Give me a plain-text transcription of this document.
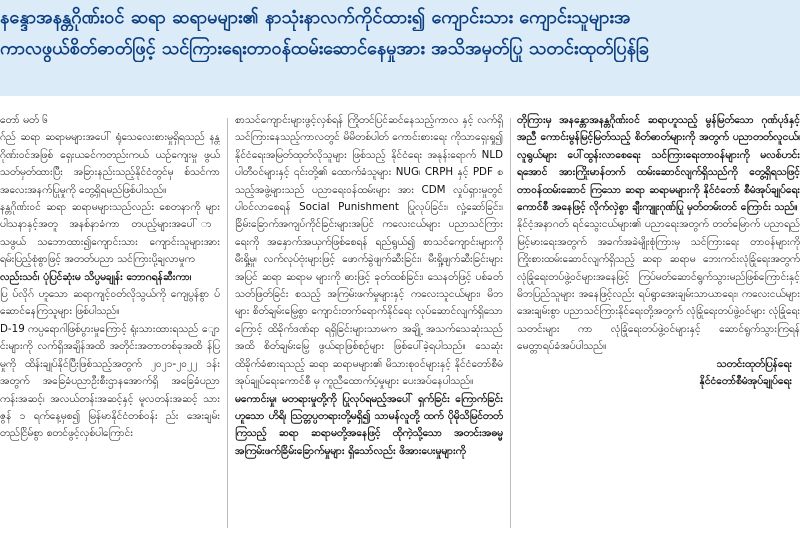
နန္ဒောအနန္တဂိုဏ်းဝင် ဆရာ ဆရာမများ၏ နာသုံးနာလက်ကိုင်ထား၍ ကျောင်းသား ကျောင်းသူများအ
ကာလဖွယ်စိတ်ဓာတ်ဖြင့် သင်ကြားရေးတာဝန်ထမ်းဆောင်နေမှုအား အသိအမှတ်ပြု သတင်းထုတ်ပြန်ခြ

တော် မတ် ၆

ဂ်ည် ဆရာ ဆရာမများအပေါ် ရုံသေလေးစားမှုရှိရသည် နန္တဂိုဏ်းဝင်အဖြစ် ရှေးယခင်ကတည်းကယ် ယဉ်ကျေးမှု ဖွယ် သတ်မှတ်ထားပြီး အခြားနည်းသည့်နိုင်ငံတွင်မှ စ်သင်ကာ အလေးအနက်ပြုမှုကို တွေ့ရှိရမည်ဖြစ်ပါသည်။

နန္တဂိုဏ်းဝင် ဆရာ ဆရာမများသည်လည်း စေတနာကို များ ပါသနာနှင့်အတူ အနစ်နာခံကာ တပည့်များအပေါ် ာသဖွယ် သဘောထား၍ကျောင်းသား ကျောင်းသူများအား ရမ်းပြည့်စုံစွာဖြင့် အတတ်ပညာ သင်ကြားပို့ချလာမှုက

လည်းသင်၊ ပုံပြင်ဆုံးမ သိပ္ပမချုန်း ဘောဂရန်ဆီးကာ၊

ပြ ပ်လိုဂ် ဟူသော ဆရာကျင့်ဝတ်လိုသွယ်ကို ကျေပွန်စွာ ပ်ဆောင်နေကြသူများ ဖြစ်ပါသည်။

D-19 ကပ္ပရောဂါဖြစ်ပွားမှုကြောင့် ရုံးသားထားရသည် ျောင်းများကို လက်ရှိအချိန်အထိ အတိုင်းအတာတစ်ခုအထိ န်ပြမှုကို ထိန်းချုပ်နိုင်ပြီးဖြစ်သည့်အတွက် ၂၀၂၁-၂၀၂၂ ၁န်းအတွက် အခြေခံပညာဦးစီးဌာနအောက်ရှိ အခြေခံပညာ ကန်းအဆင့်၊ အလယ်တန်းအဆင့်နှင့် မူလတန်းအဆင့် သား ဇွန် ၁ ရက်နေ့မှစ၍ မြန်မာနိုင်ငံတစ်ဝန်း ည်း အေးချမ်းတည်ငြိမ်စွာ စတင်ဖွင့်လှစ်ပါကြောင်း

စာသင်ကျောင်းများဖွင့်လှစ်ရန် ကြိုတင်ပြင်ဆင်နေသည့်ကာလ နှင့် လက်ရှိသင်ကြားနေသည့်ကာလတွင် မိမိတစ်ပါတ် ကောင်းစားရေး ကိုသာရှေးရှု၍ နိုင်ငံရေးအမြတ်ထုတ်လိုသူများ ဖြစ်သည့် နိုင်ငံရေး အနုန်းရောက် NLD ပါတီဝင်များနှင့် ၎င်းတို့၏ ထောက်ခံသူများ NUG၊ CRPH နှင့် PDF စသည့်အဖွဲ့များသည် ပညာရေးဝန်ထမ်းများ အား CDM လှုပ်ရှားမှုတွင် ပါဝင်လာစေရန် Social Punishment ပြုလုပ်ခြင်း၊ လှုံ့ဆော်ခြင်း၊ ခြိမ်းခြောက်အကျပ်ကိုင်ခြင်းများအပြင် ကလေးငယ်များ ပညာသင်ကြားရေးကို အနှောက်အယှက်ဖြစ်စေရန် ရည်ရွယ်၍ စာသင်ကျောင်းများကို မီးရှို့မှု၊ လက်လုပ်ဗုံးများဖြင့် ဖောက်ခွဲဖျက်ဆီးခြင်း၊ မီးရှို့ဖျက်ဆီးခြင်းများအပြင် ဆရာ ဆရာမ များကို ဓားဖြင့် ခုတ်ထစ်ခြင်း၊ သေနတ်ဖြင့် ပစ်ခတ်သတ်ဖြတ်ခြင်း စသည့် အကြမ်းဖက်မှုများနှင့် ကလေးသူငယ်များ၊ မိဘများ စိတ်ချမ်းမြေ့စွာ ကျောင်းတက်ရောက်နိုင်ရေး လုပ်ဆောင်လျက်ရှိသော ကြောင့် ထိခိုက်ဒဏ်ရာ ရရှိခြင်းများသာမက အချို့ အသက်သေဆုံးသည်အထိ စိတ်ချမ်းမြေ့ ဖွယ်ရာဖြစ်စဉ်များ ဖြစ်ပေါ်ခဲ့ရပါသည်။ သေဆုံးထိခိုက်ခံစားရသည့် ဆရာ ဆရာမများ၏ မိသားစုဝင်များနှင့် နိုင်ငံတော်စီမံအုပ်ချုပ်ရေးကောင်စီ မှ ကူညီထောက်ပံ့မှုများ ပေးအပ်နေပါသည်။

မကောင်းမှု၊ မတရားမှုတို့ကို ပြုလုပ်ရမည့်အပေါ် ရှက်ခြင်း ကြောက်ခြင်းဟူသော ဟိရိ၊ ဩတ္တပ္ပတရားတို့မရှိ၍ သာမန်လူတို့ ထက် ပိုမိုသိမြင်တတ်ကြသည့် ဆရာ ဆရာမတို့အနေဖြင့် ထိုကဲ့သို့သော အတင်းအဓမ္မ အကြမ်းဖက်ခြိမ်းခြောက်မှုများ ရှိသော်လည်း ဖိအားပေးမှုများကို

တိုကြားမှ အနန္တောအနန္တဂိုဏ်းဝင် ဆရာဟူသည့် မွန်မြတ်သော ဂုဏ်ပုဒ်နှင့်အညီ ကောင်းမွန်မြင့်မြတ်သည့် စိတ်ဓာတ်များကို အတွက် ပညာတတ်လူငယ်၊ လူရွယ်များ ပေါ်ထွန်းလာစေရေး သင်ကြားရေးတာဝန်များကို မလစ်ဟင်းရအောင် အားကြိုးမာန်တက် ထမ်းဆောင်လျက်ရှိသည်ကို တွေ့ရှိရသဖြင့် တာဝန်ထမ်းဆောင် ကြသော ဆရာ ဆရာမများကို နိုင်ငံတော် စီမံအုပ်ချုပ်ရေးကောင်စီ အနေဖြင့် လိုက်လှဲစွာ ချီးကျူးဂုဏ်ပြု မှတ်တမ်းတင် ကြောင်း သည်။

နိုင်ငံ့အနာဂတ် ရင်သွေးငယ်များ၏ ပညာရေးအတွက် တတ်မြောက် ပညာရည် မြင့်မားရေးအတွက် အခက်အခဲမျိုးစုံကြားမှ သင်ကြားရေး တာဝန်များကို ကြိုးစားထမ်းဆောင်လျက်ရှိသည့် ဆရာ ဆရာမ ဘေးကင်းလုံခြုံရေးအတွက် လုံခြုံရေးတပ်ဖွဲ့ဝင်များအနေဖြင့် ကြပ်မတ်ဆောင်ရွက်သွားမည်ဖြစ်ကြောင်းနှင့် မိဘပြည်သူများ အနေဖြင့်လည်း ရပ်ရွာအေးချမ်းသာယာရေး၊ ကလေးငယ်များ အေးချမ်းစွာ ပညာသင်ကြားနိုင်ရေးတို့အတွက် လုံခြုံရေးတပ်ဖွဲ့ဝင်များ လုံခြုံရေးသတင်းများ ကာ လုံခြုံရေးတပ်ဖွဲ့ဝင်များနှင့် ဆောင်ရွက်သွားကြရန် မေတ္တာရပ်ခံအပ်ပါသည်။

သတင်းထုတ်ပြန်ရေး

နိုင်ငံတော်စီမံအုပ်ချုပ်ရေး
